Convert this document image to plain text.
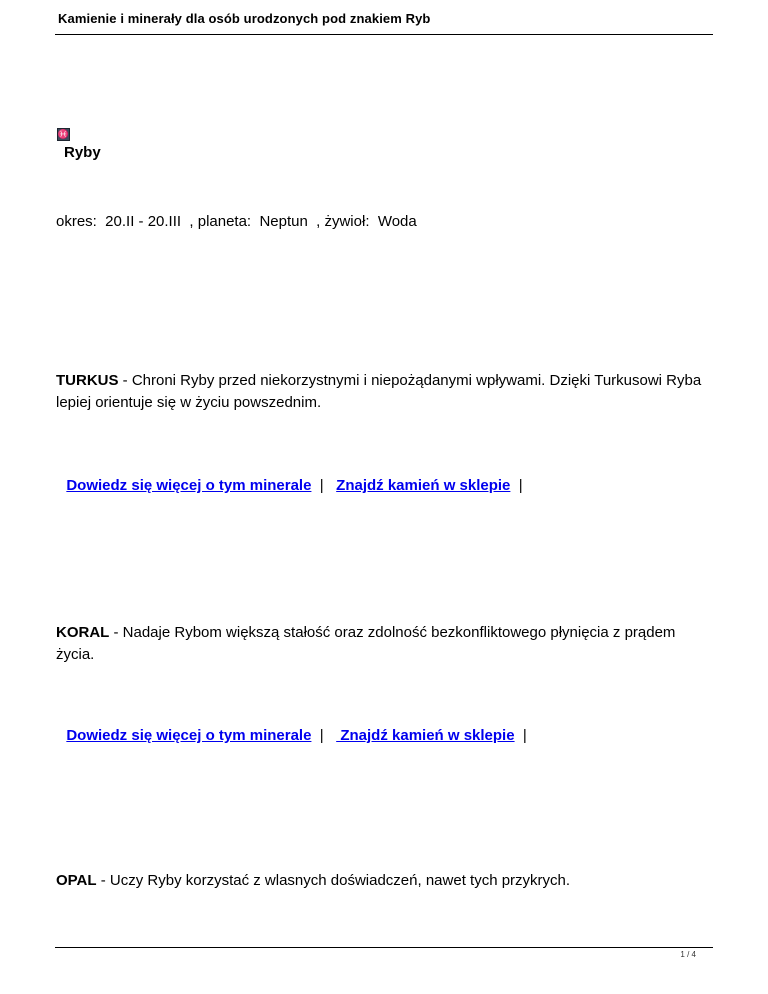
Kamienie i minerały dla osób urodzonych pod znakiem Ryb
♓
Ryby
okres:  20.II - 20.III  , planeta:  Neptun  , żywioł:  Woda
TURKUS - Chroni Ryby przed niekorzystnymi i niepożądanymi wpływami. Dzięki Turkusowi Ryba lepiej orientuje się w życiu powszednim.

Dowiedz się więcej o tym minerale  |   Znajdź kamień w sklepie  |

KORAL - Nadaje Rybom większą stałość oraz zdolność bezkonfliktowego płynięcia z prądem życia.

Dowiedz się więcej o tym minerale  |    Znajdź kamień w sklepie  |

OPAL - Uczy Ryby korzystać z wlasnych doświadczeń, nawet tych przykrych.
1 / 4
